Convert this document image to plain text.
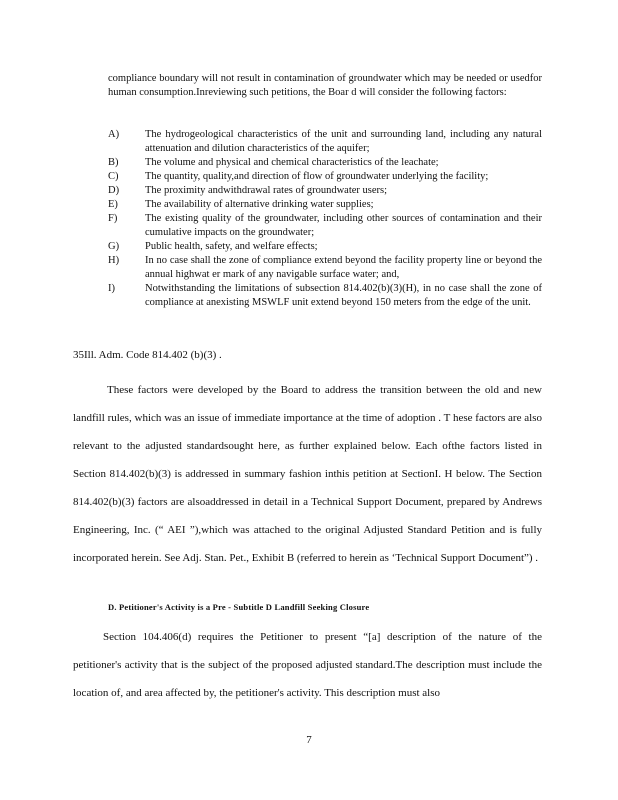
compliance boundary will not result in contamination of groundwater which may be needed or usedfor human consumption.Inreviewing such petitions, the Boar d will consider the following factors:

A)	The hydrogeological characteristics of the unit and surrounding land, including any natural attenuation and dilution characteristics of the aquifer;
B)	The volume and physical and chemical characteristics of the leachate;
C)	The quantity, quality,and direction of flow of groundwater underlying the facility;
D)	The proximity andwithdrawal rates of groundwater users;
E)	The availability of alternative drinking water supplies;
F)	The existing quality of the groundwater, including other sources of contamination and their cumulative impacts on the groundwater;
G)	Public health, safety, and welfare effects;
H)	In no case shall the zone of compliance extend beyond the facility property line or beyond the annual highwat er mark of any navigable surface water; and,
I)	Notwithstanding the limitations of subsection 814.402(b)(3)(H), in no case shall the zone of compliance at anexisting MSWLF unit extend beyond 150 meters from the edge of the unit.
35Ill. Adm. Code 814.402 (b)(3) .

These factors were developed by the Board to address the transition between the old and new landfill rules, which was an issue of immediate importance at the time of adoption . T hese factors are also relevant to the adjusted standardsought here, as further explained below. Each ofthe factors listed in Section 814.402(b)(3) is addressed in summary fashion inthis petition at SectionI. H below. The Section 814.402(b)(3) factors are alsoaddressed in detail in a Technical Support Document, prepared by Andrews Engineering, Inc. (“ AEI ”),which was attached to the original Adjusted Standard Petition and is fully incorporated herein. See Adj. Stan. Pet., Exhibit B (referred to herein as ‘Technical Support Document”) .

D. Petitioner's Activity is a Pre - Subtitle D Landfill Seeking Closure

Section 104.406(d) requires the Petitioner to present “[a] description of the nature of the petitioner's activity that is the subject of the proposed adjusted standard.The description must include the location of, and area affected by, the petitioner's activity. This description must also

7
